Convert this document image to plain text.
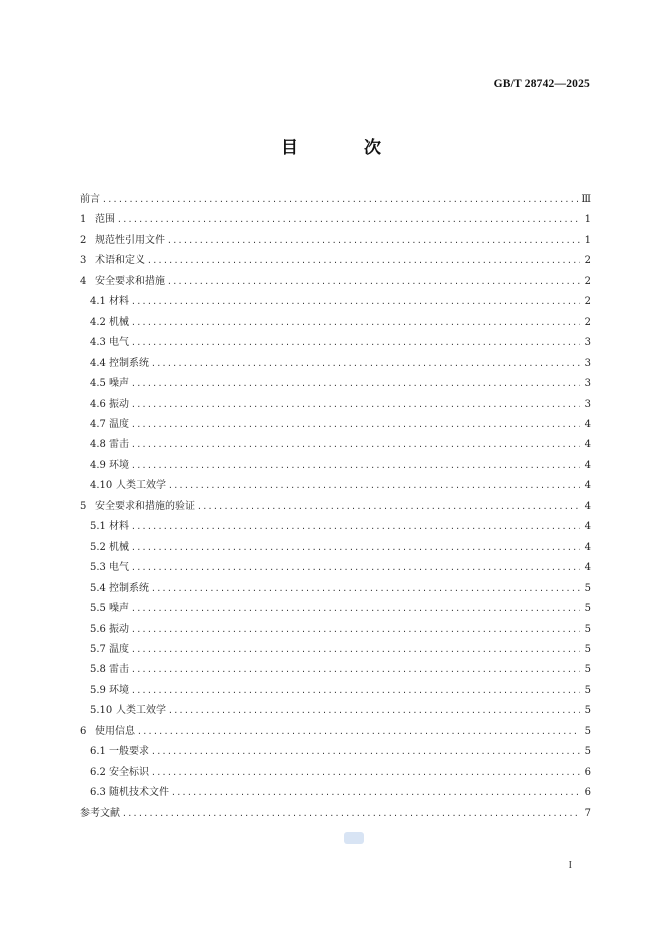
GB/T 28742—2025
目 次
前言 ·····	Ⅲ
1 范围 ·····	1
2 规范性引用文件 ·····	1
3 术语和定义 ·····	2
4 安全要求和措施 ·····	2
4.1 材料 ·····	2
4.2 机械 ·····	2
4.3 电气 ·····	3
4.4 控制系统 ·····	3
4.5 噪声 ·····	3
4.6 振动 ·····	3
4.7 温度 ·····	4
4.8 雷击 ·····	4
4.9 环境 ·····	4
4.10 人类工效学 ·····	4
5 安全要求和措施的验证 ·····	4
5.1 材料 ·····	4
5.2 机械 ·····	4
5.3 电气 ·····	4
5.4 控制系统 ·····	5
5.5 噪声 ·····	5
5.6 振动 ·····	5
5.7 温度 ·····	5
5.8 雷击 ·····	5
5.9 环境 ·····	5
5.10 人类工效学 ·····	5
6 使用信息 ·····	5
6.1 一般要求 ·····	5
6.2 安全标识 ·····	6
6.3 随机技术文件 ·····	6
参考文献 ·····	7
I
